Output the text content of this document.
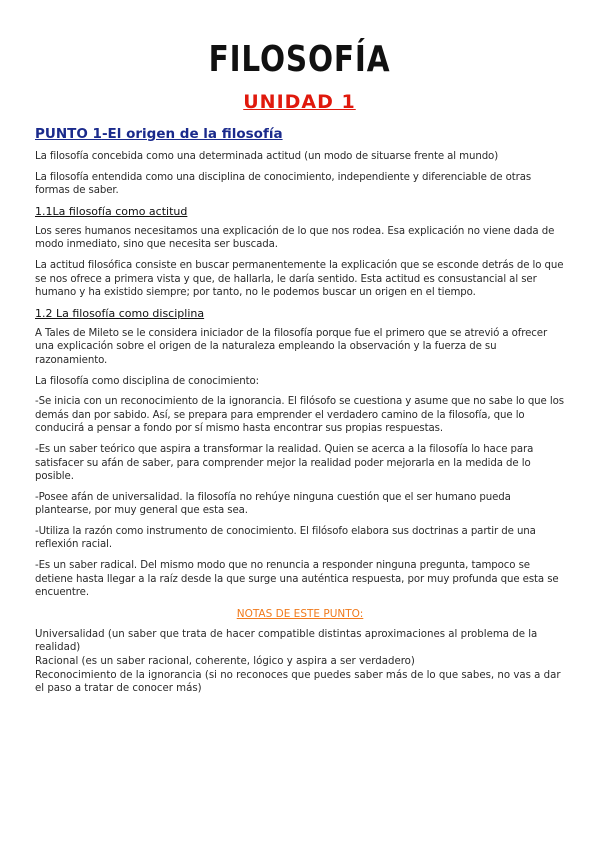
FILOSOFÍA
UNIDAD 1
PUNTO 1-El origen de la filosofía

La filosofía concebida como una determinada actitud (un modo de situarse frente al mundo)

La filosofía entendida como una disciplina de conocimiento, independiente y diferenciable de otras formas de saber.

1.1La filosofía como actitud

Los seres humanos necesitamos una explicación de lo que nos rodea. Esa explicación no viene dada de modo inmediato, sino que necesita ser buscada.

La actitud filosófica consiste en buscar permanentemente la explicación que se esconde detrás de lo que se nos ofrece a primera vista y que, de hallarla, le daría sentido. Esta actitud es consustancial al ser humano y ha existido siempre; por tanto, no le podemos buscar un origen en el tiempo.

1.2 La filosofía como disciplina

A Tales de Mileto se le considera iniciador de la filosofía porque fue el primero que se atrevió a ofrecer una explicación sobre el origen de la naturaleza empleando la observación y la fuerza de su razonamiento.

La filosofía como disciplina de conocimiento:

-Se inicia con un reconocimiento de la ignorancia. El filósofo se cuestiona y asume que no sabe lo que los demás dan por sabido. Así, se prepara para emprender el verdadero camino de la filosofía, que lo conducirá a pensar a fondo por sí mismo hasta encontrar sus propias respuestas.

-Es un saber teórico que aspira a transformar la realidad. Quien se acerca a la filosofía lo hace para satisfacer su afán de saber, para comprender mejor la realidad poder mejorarla en la medida de lo posible.

-Posee afán de universalidad. la filosofía no rehúye ninguna cuestión que el ser humano pueda plantearse, por muy general que esta sea.

-Utiliza la razón como instrumento de conocimiento. El filósofo elabora sus doctrinas a partir de una reflexión racial.

-Es un saber radical. Del mismo modo que no renuncia a responder ninguna pregunta, tampoco se detiene hasta llegar a la raíz desde la que surge una auténtica respuesta, por muy profunda que esta se encuentre.

NOTAS DE ESTE PUNTO:
Universalidad (un saber que trata de hacer compatible distintas aproximaciones al problema de la realidad)
Racional (es un saber racional, coherente, lógico y aspira a ser verdadero)
Reconocimiento de la ignorancia (si no reconoces que puedes saber más de lo que sabes, no vas a dar el paso a tratar de conocer más)
